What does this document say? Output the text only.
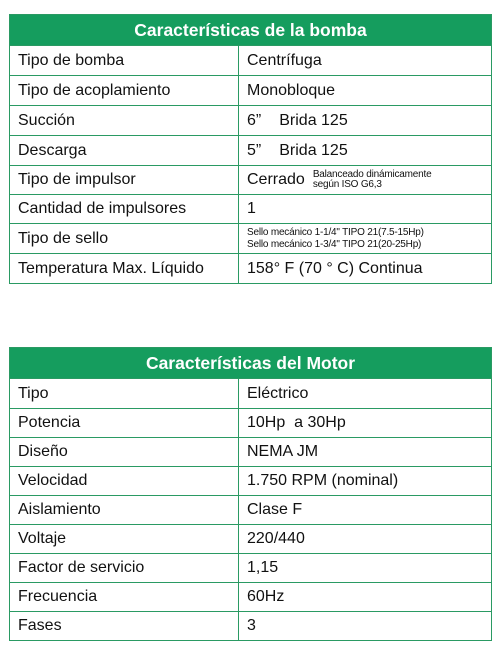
Características de la bomba
Tipo de bomba	Centrífuga
Tipo de acoplamiento	Monobloque
Succión	6” Brida 125
Descarga	5” Brida 125
Tipo de impulsor	Cerrado Balanceado dinámicamente
según ISO G6,3
Cantidad de impulsores	1
Tipo de sello	Sello mecánico 1-1/4" TIPO 21(7.5-15Hp)
Sello mecánico 1-3/4" TIPO 21(20-25Hp)
Temperatura Max. Líquido	158° F (70 ° C) Continua
Características del Motor
Tipo	Eléctrico
Potencia	10Hp  a 30Hp
Diseño	NEMA JM
Velocidad	1.750 RPM (nominal)
Aislamiento	Clase F
Voltaje	220/440
Factor de servicio	1,15
Frecuencia	60Hz
Fases	3
